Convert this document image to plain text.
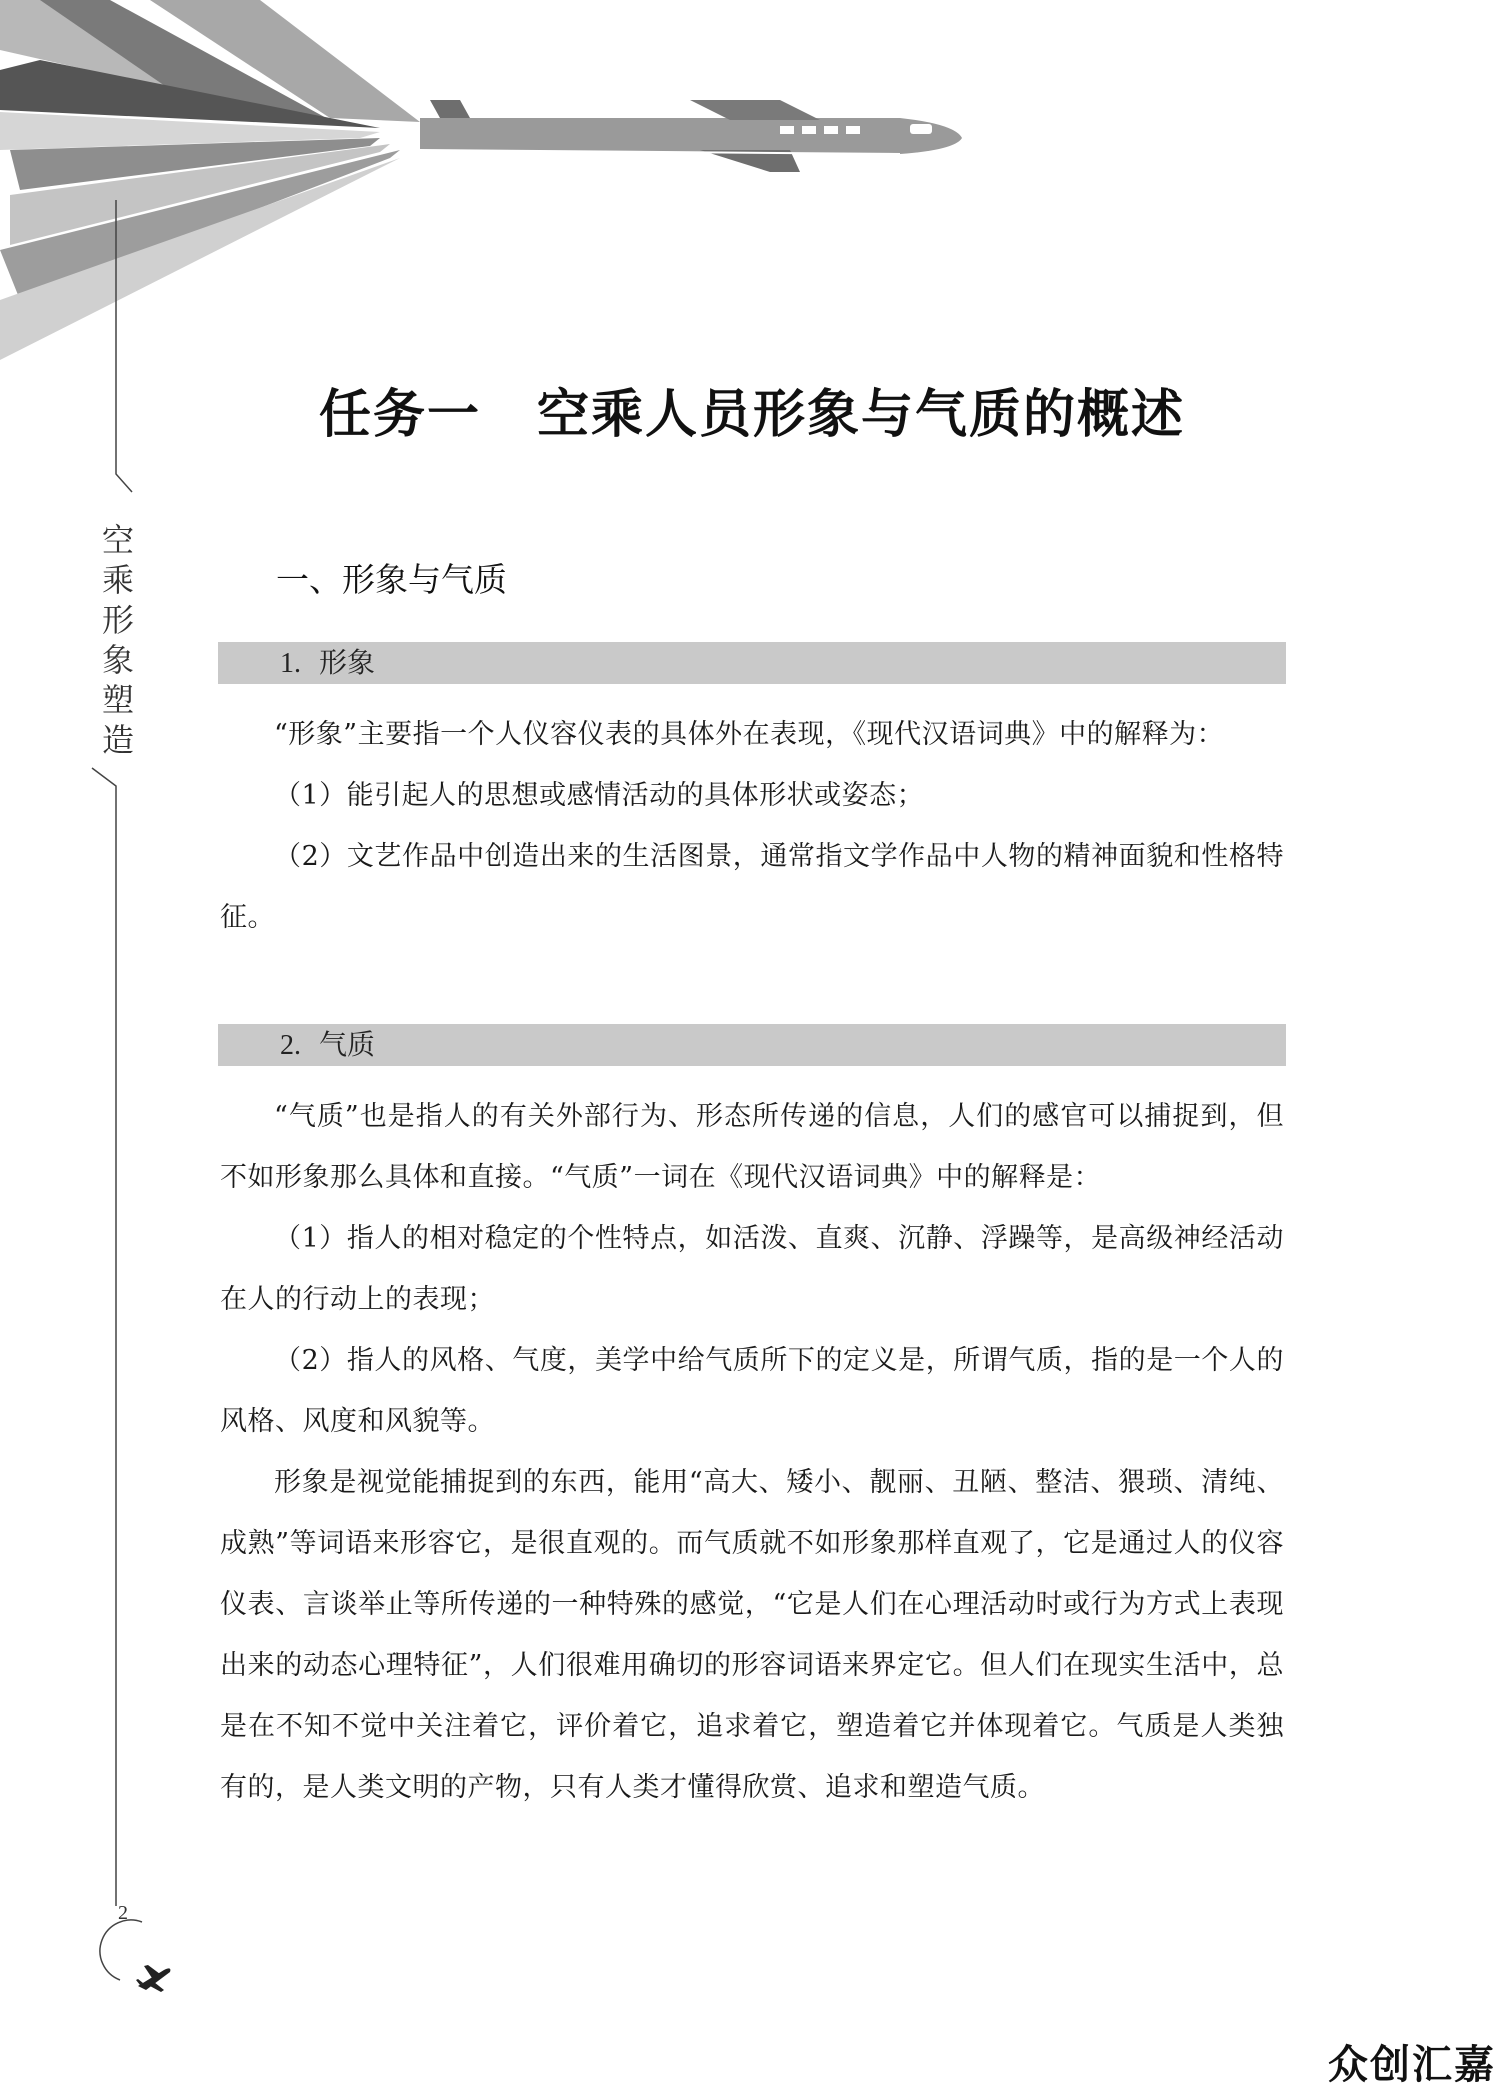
空乘形象塑造
任务一 空乘人员形象与气质的概述
一、形象与气质
1. 形象

“形象”主要指一个人仪容仪表的具体外在表现，《现代汉语词典》中的解释为：

（1）能引起人的思想或感情活动的具体形状或姿态；

（2）文艺作品中创造出来的生活图景，通常指文学作品中人物的精神面貌和性格特征。

2. 气质

“气质”也是指人的有关外部行为、形态所传递的信息，人们的感官可以捕捉到，但不如形象那么具体和直接。“气质”一词在《现代汉语词典》中的解释是：

（1）指人的相对稳定的个性特点，如活泼、直爽、沉静、浮躁等，是高级神经活动在人的行动上的表现；

（2）指人的风格、气度，美学中给气质所下的定义是，所谓气质，指的是一个人的风格、风度和风貌等。

形象是视觉能捕捉到的东西，能用“高大、矮小、靓丽、丑陋、整洁、猥琐、清纯、成熟”等词语来形容它，是很直观的。而气质就不如形象那样直观了，它是通过人的仪容仪表、言谈举止等所传递的一种特殊的感觉，“它是人们在心理活动时或行为方式上表现出来的动态心理特征”，人们很难用确切的形容词语来界定它。但人们在现实生活中，总是在不知不觉中关注着它，评价着它，追求着它，塑造着它并体现着它。气质是人类独有的，是人类文明的产物，只有人类才懂得欣赏、追求和塑造气质。

2
众创汇嘉
